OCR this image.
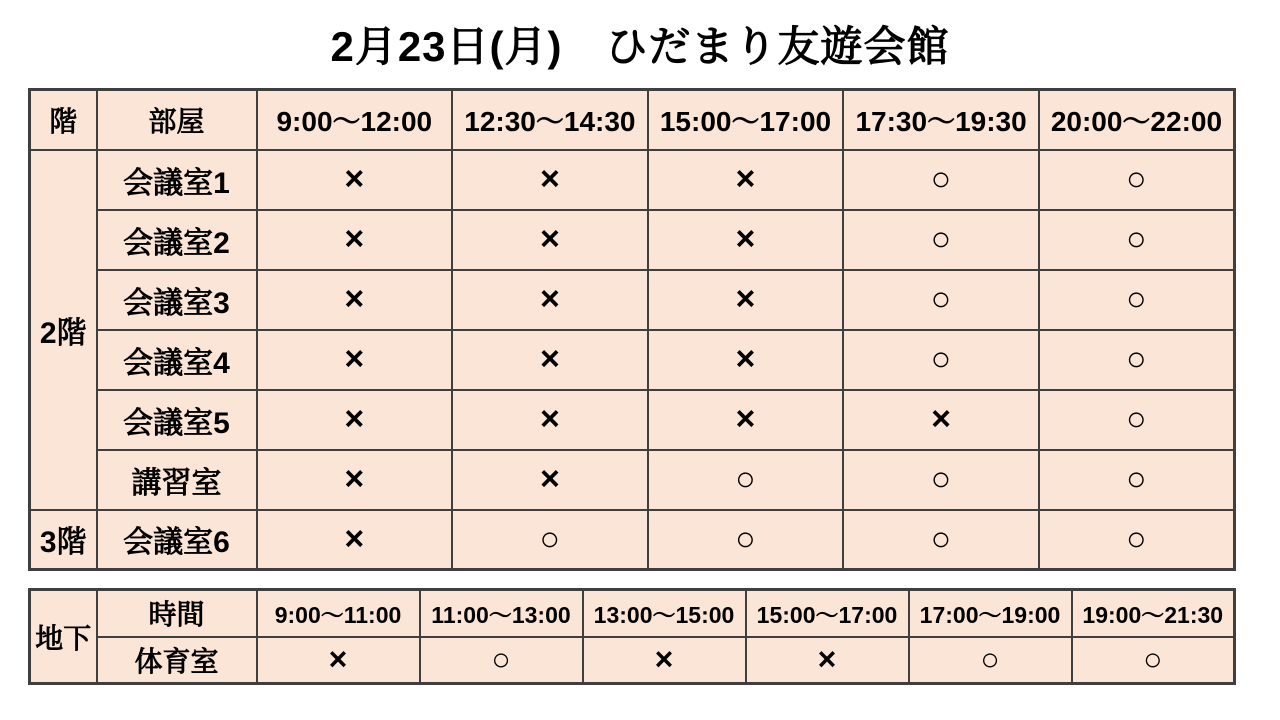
2月23日(月)　ひだまり友遊会館
階	部屋	9:00～12:00	12:30～14:30	15:00～17:00	17:30～19:30	20:00～22:00
2階	会議室1	×	×	×	○	○
	会議室2	×	×	×	○	○
	会議室3	×	×	×	○	○
	会議室4	×	×	×	○	○
	会議室5	×	×	×	×	○
	講習室	×	×	○	○	○
3階	会議室6	×	○	○	○	○
地下	時間	9:00～11:00	11:00～13:00	13:00～15:00	15:00～17:00	17:00～19:00	19:00～21:30
	体育室	×	○	×	×	○	○
